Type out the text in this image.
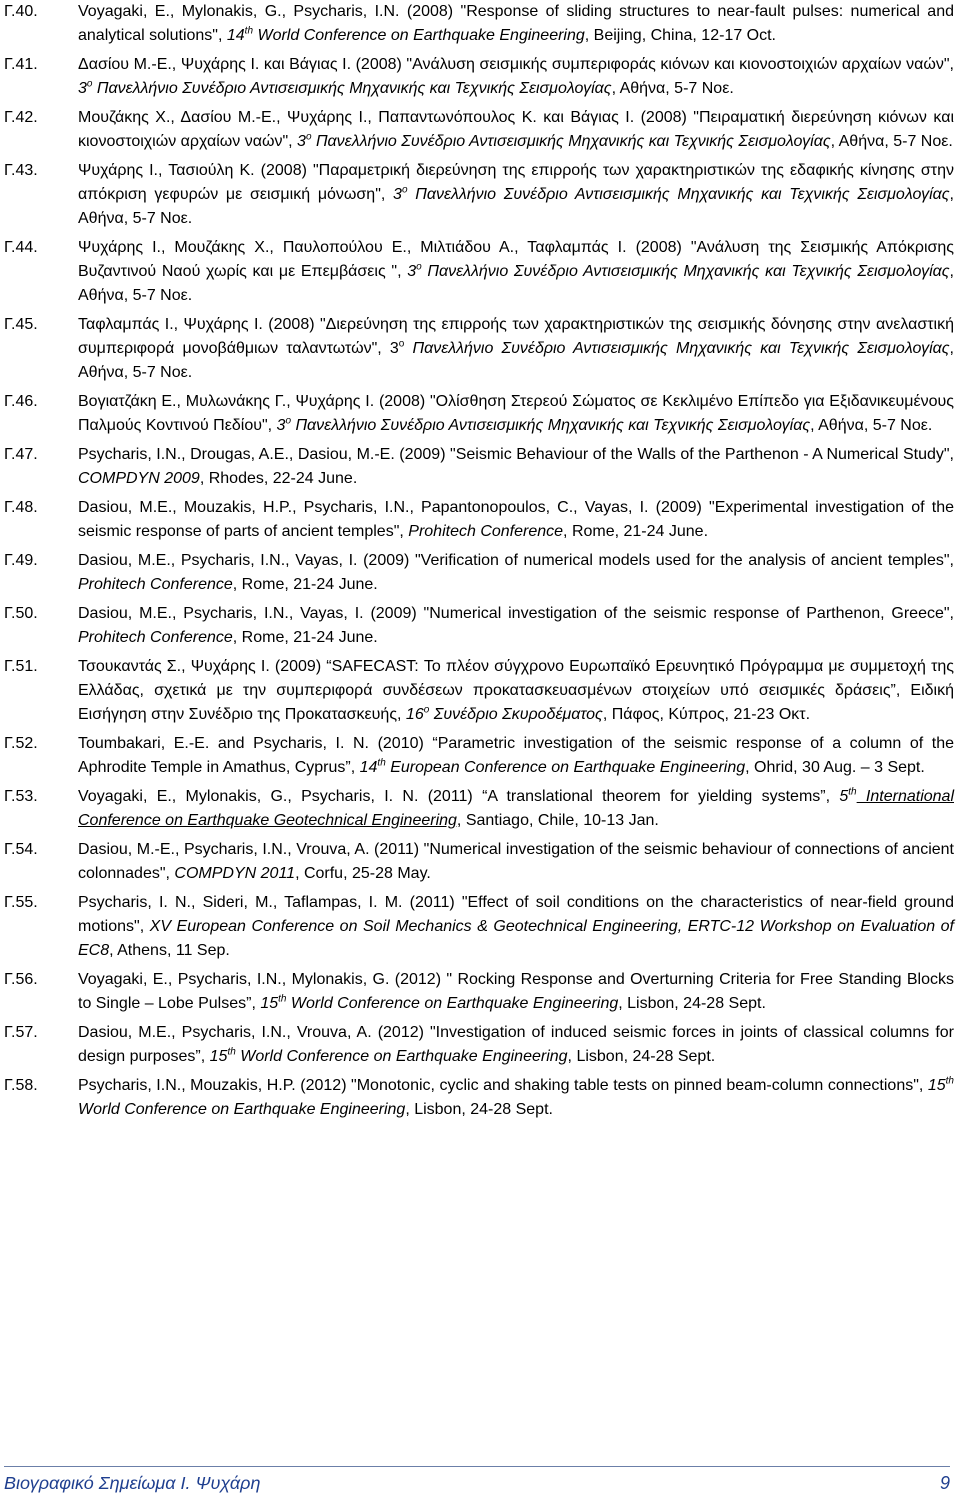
Γ.40.	Voyagaki, E., Mylonakis, G., Psycharis, I.N. (2008) "Response of sliding structures to near-fault pulses: numerical and analytical solutions", 14th World Conference on Earthquake Engineering, Beijing, China, 12-17 Oct.
Γ.41.	Δασίου Μ.-Ε., Ψυχάρης Ι. και Βάγιας Ι. (2008) "Ανάλυση σεισμικής συμπεριφοράς κιόνων και κιονοστοιχιών αρχαίων ναών", $3^o$ Πανελλήνιο Συνέδριο Αντισεισμικής Μηχανικής και Τεχνικής Σεισμολογίας, Αθήνα, 5-7 Νοε.
Γ.42.	Μουζάκης Χ., Δασίου Μ.-Ε., Ψυχάρης Ι., Παπαντωνόπουλος Κ. και Βάγιας Ι. (2008) "Πειραματική διερεύνηση κιόνων και κιονοστοιχιών αρχαίων ναών", $3^o$ Πανελλήνιο Συνέδριο Αντισεισμικής Μηχανικής και Τεχνικής Σεισμολογίας, Αθήνα, 5-7 Νοε.
Γ.43.	Ψυχάρης Ι., Τασιούλη Κ. (2008) "Παραμετρική διερεύνηση της επιρροής των χαρακτηριστικών της εδαφικής κίνησης στην απόκριση γεφυρών με σεισμική μόνωση", $3^o$ Πανελλήνιο Συνέδριο Αντισεισμικής Μηχανικής και Τεχνικής Σεισμολογίας, Αθήνα, 5-7 Νοε.
Γ.44.	Ψυχάρης Ι., Μουζάκης Χ., Παυλοπούλου Ε., Μιλτιάδου Α., Ταφλαμπάς Ι. (2008) "Ανάλυση της Σεισμικής Απόκρισης Βυζαντινού Ναού χωρίς και με Επεμβάσεις ", $3^o$ Πανελλήνιο Συνέδριο Αντισεισμικής Μηχανικής και Τεχνικής Σεισμολογίας, Αθήνα, 5-7 Νοε.
Γ.45.	Ταφλαμπάς Ι., Ψυχάρης Ι. (2008) "Διερεύνηση της επιρροής των χαρακτηριστικών της σεισμικής δόνησης στην ανελαστική συμπεριφορά μονοβάθμιων ταλαντωτών", $3^o$ Πανελλήνιο Συνέδριο Αντισεισμικής Μηχανικής και Τεχνικής Σεισμολογίας, Αθήνα, 5-7 Νοε.
Γ.46.	Βογιατζάκη Ε., Μυλωνάκης Γ., Ψυχάρης Ι. (2008) "Ολίσθηση Στερεού Σώματος σε Κεκλιμένο Επίπεδο για Εξιδανικευμένους Παλμούς Κοντινού Πεδίου", $3^o$ Πανελλήνιο Συνέδριο Αντισεισμικής Μηχανικής και Τεχνικής Σεισμολογίας, Αθήνα, 5-7 Νοε.
Γ.47.	Psycharis, I.N., Drougas, A.E., Dasiou, M.-E. (2009) "Seismic Behaviour of the Walls of the Parthenon - A Numerical Study", COMPDYN 2009, Rhodes, 22-24 June.
Γ.48.	Dasiou, M.E., Mouzakis, H.P., Psycharis, I.N., Papantonopoulos, C., Vayas, I. (2009) "Experimental investigation of the seismic response of parts of ancient temples", Prohitech Conference, Rome, 21-24 June.
Γ.49.	Dasiou, M.E., Psycharis, I.N., Vayas, I. (2009) "Verification of numerical models used for the analysis of ancient temples", Prohitech Conference, Rome, 21-24 June.
Γ.50.	Dasiou, M.E., Psycharis, I.N., Vayas, I. (2009) "Numerical investigation of the seismic response of Parthenon, Greece", Prohitech Conference, Rome, 21-24 June.
Γ.51.	Τσουκαντάς Σ., Ψυχάρης Ι. (2009) “SAFECAST: Το πλέον σύγχρονο Ευρωπαϊκό Ερευνητικό Πρόγραμμα με συμμετοχή της Ελλάδας, σχετικά με την συμπεριφορά συνδέσεων προκατασκευασμένων στοιχείων υπό σεισμικές δράσεις”, Ειδική Εισήγηση στην Συνέδριο της Προκατασκευής, $16^o$ Συνέδριο Σκυροδέματος, Πάφος, Κύπρος, 21-23 Οκτ.
Γ.52.	Toumbakari, E.-E. and Psycharis, I. N. (2010) “Parametric investigation of the seismic response of a column of the Aphrodite Temple in Amathus, Cyprus”, 14th European Conference on Earthquake Engineering, Ohrid, 30 Aug. – 3 Sept.
Γ.53.	Voyagaki, E., Mylonakis, G., Psycharis, I. N. (2011) “A translational theorem for yielding systems”, 5th International Conference on Earthquake Geotechnical Engineering, Santiago, Chile, 10-13 Jan.
Γ.54.	Dasiou, M.-E., Psycharis, I.N., Vrouva, A. (2011) "Numerical investigation of the seismic behaviour of connections of ancient colonnades", COMPDYN 2011, Corfu, 25-28 May.
Γ.55.	Psycharis, I. N., Sideri, M., Taflampas, I. M. (2011) "Effect of soil conditions on the characteristics of near-field ground motions", XV European Conference on Soil Mechanics & Geotechnical Engineering, ERTC-12 Workshop on Evaluation of EC8, Athens, 11 Sep.
Γ.56.	Voyagaki, E., Psycharis, I.N., Mylonakis, G. (2012) " Rocking Response and Overturning Criteria for Free Standing Blocks to Single – Lobe Pulses”, 15th World Conference on Earthquake Engineering, Lisbon, 24-28 Sept.
Γ.57.	Dasiou, M.E., Psycharis, I.N., Vrouva, A. (2012) "Investigation of induced seismic forces in joints of classical columns for design purposes”, 15th World Conference on Earthquake Engineering, Lisbon, 24-28 Sept.
Γ.58.	Psycharis, I.N., Mouzakis, H.P. (2012) "Monotonic, cyclic and shaking table tests on pinned beam-column connections", 15th World Conference on Earthquake Engineering, Lisbon, 24-28 Sept.
Βιογραφικό Σημείωμα Ι. Ψυχάρη	9
